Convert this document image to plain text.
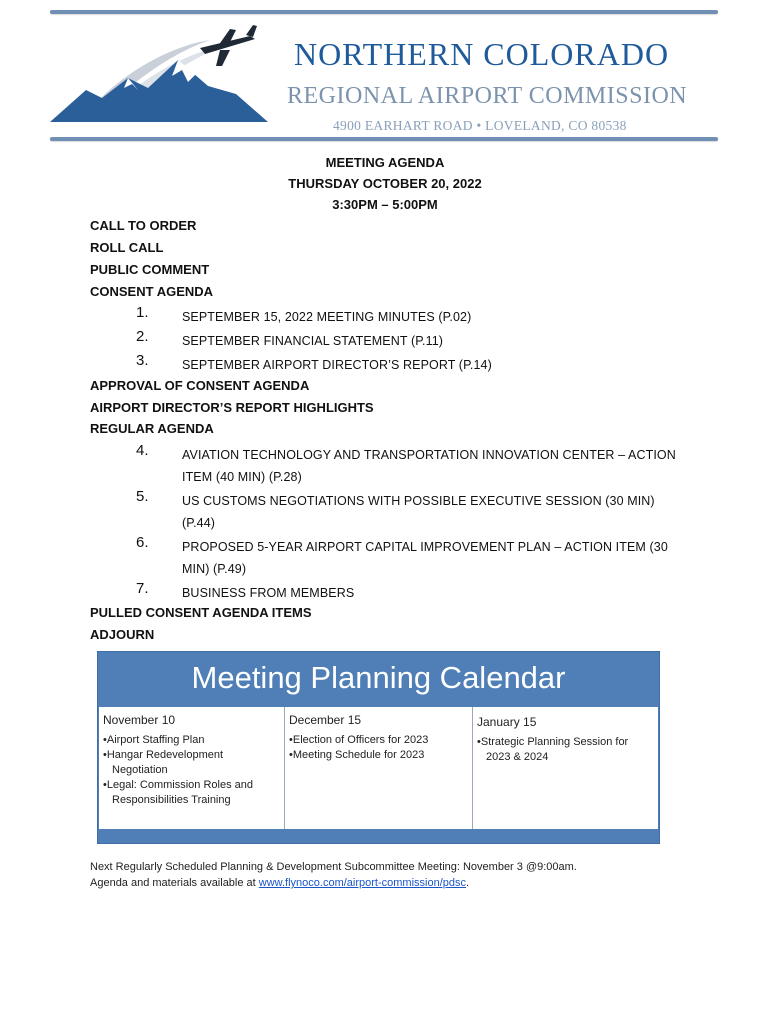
NORTHERN COLORADO
REGIONAL AIRPORT COMMISSION
4900 EARHART ROAD • LOVELAND, CO 80538
MEETING AGENDA
THURSDAY OCTOBER 20, 2022
3:30PM – 5:00PM
CALL TO ORDER
ROLL CALL
PUBLIC COMMENT
CONSENT AGENDA
1.	SEPTEMBER 15, 2022 MEETING MINUTES (P.02)
2.	SEPTEMBER FINANCIAL STATEMENT (P.11)
3.	SEPTEMBER AIRPORT DIRECTOR’S REPORT (P.14)
APPROVAL OF CONSENT AGENDA
AIRPORT DIRECTOR’S REPORT HIGHLIGHTS
REGULAR AGENDA
4.	AVIATION TECHNOLOGY AND TRANSPORTATION INNOVATION CENTER – ACTION ITEM (40 MIN) (P.28)
5.	US CUSTOMS NEGOTIATIONS WITH POSSIBLE EXECUTIVE SESSION (30 MIN) (P.44)
6.	PROPOSED 5-YEAR AIRPORT CAPITAL IMPROVEMENT PLAN – ACTION ITEM (30 MIN) (P.49)
7.	BUSINESS FROM MEMBERS
PULLED CONSENT AGENDA ITEMS
ADJOURN
Meeting Planning Calendar
November 10
• Airport Staffing Plan
• Hangar Redevelopment Negotiation
• Legal: Commission Roles and Responsibilities Training
December 15
• Election of Officers for 2023
• Meeting Schedule for 2023
January 15
• Strategic Planning Session for 2023 & 2024
Next Regularly Scheduled Planning & Development Subcommittee Meeting: November 3 @9:00am.
Agenda and materials available at www.flynoco.com/airport-commission/pdsc.
